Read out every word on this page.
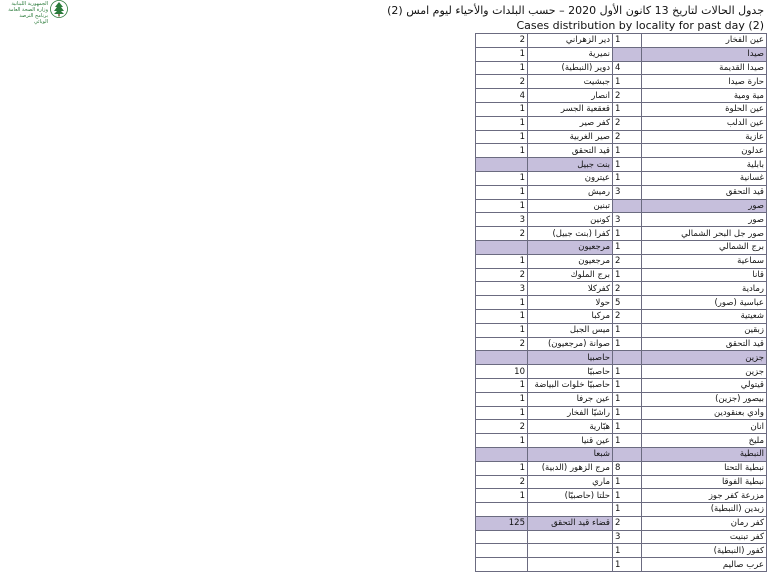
الجمهورية اللبنانية
وزارة الصحة العامة
برنامج الترصد الوبائي
جدول الحالات لتاريخ 13 كانون الأول 2020 – حسب البلدات والأحياء ليوم امس (2)
Cases distribution by locality for past day (2)
2	دير الزهراني	1	عين الفخار
1	نميرية		صيدا
1	دوير (النبطية)	4	صيدا القديمة
2	جبشيت	1	حارة صيدا
4	انصار	2	مية ومية
1	قعقعية الجسر	1	عين الحلوة
1	كفر صير	2	عين الدلب
1	صير الغربية	2	عازية
1	قيد التحقق	1	عدلون
	بنت جبيل	1	بابلية
1	عيترون	1	غسانية
1	رميش	3	قيد التحقق
1	تبنين		صور
3	كونين	3	صور
2	كفرا (بنت جبيل)	1	صور جل البحر الشمالي
	مرجعيون	1	برج الشمالي
1	مرجعيون	2	سماعية
2	برج الملوك	1	قانا
3	كفركلا	2	رمادية
1	حولا	5	عباسية (صور)
1	مركبا	2	شعيتية
1	ميس الجبل	1	زبقين
2	صوانة (مرجعيون)	1	قيد التحقق
	حاصبيا		جزين
10	حاصبيّا	1	جزين
1	حاصبيّا خلوات البياضة	1	قيتولي
1	عين جرفا	1	بيصور (جزين)
1	راشيّا الفخار	1	وادي بعنقودين
2	هبّارية	1	انان
1	عين قنيا	1	مليخ
	شبعا		النبطية
1	مرج الزهور (الدبية)	8	نبطية التحتا
2	ماري	1	نبطية الفوقا
1	حلتا (حاصبيّا)	1	مزرعة كفر جوز
		1	زبدين (النبطية)
125	قضاء قيد التحقق	2	كفر رمان
		3	كفر تبنيت
		1	كفور (النبطية)
		1	عرب صاليم
